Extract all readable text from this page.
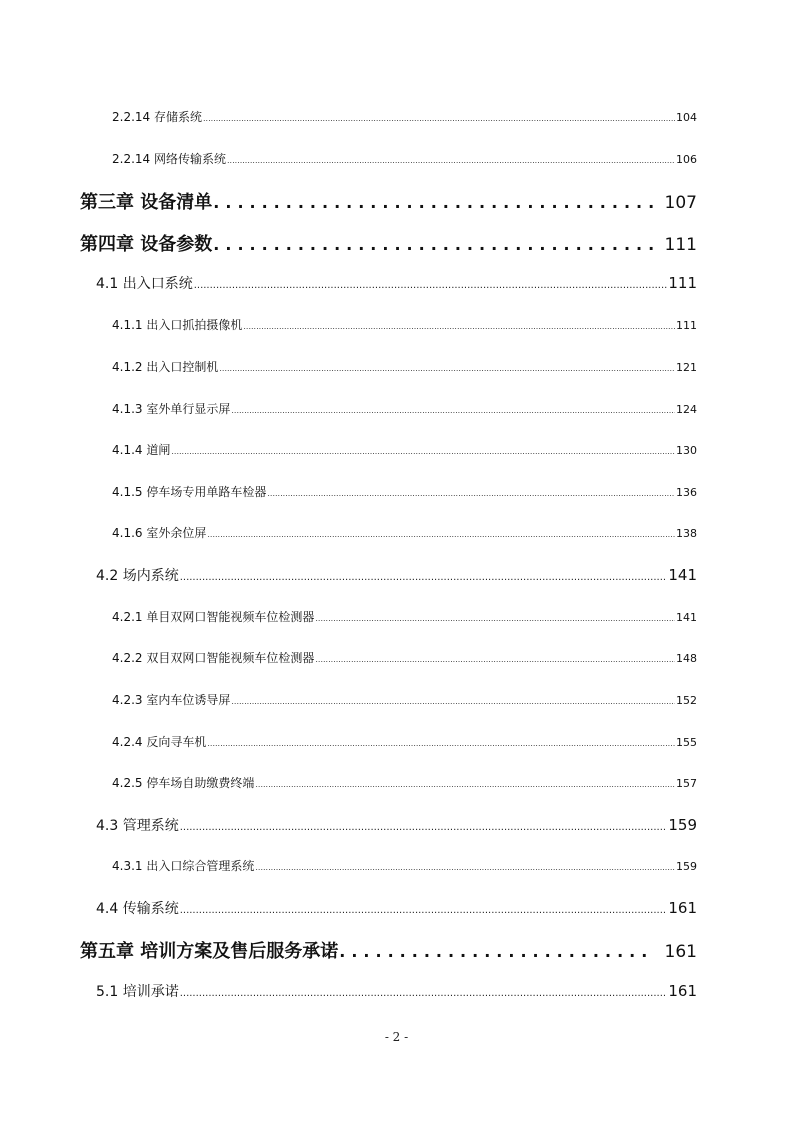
2.2.14 存储系统 .....	104
2.2.14 网络传输系统 .....	106
第三章 设备清单 .....	107
第四章 设备参数 .....	111
4.1 出入口系统 .....	111
4.1.1 出入口抓拍摄像机 .....	111
4.1.2 出入口控制机 .....	121
4.1.3 室外单行显示屏 .....	124
4.1.4 道闸 .....	130
4.1.5 停车场专用单路车检器 .....	136
4.1.6 室外余位屏 .....	138
4.2 场内系统 .....	141
4.2.1 单目双网口智能视频车位检测器 .....	141
4.2.2 双目双网口智能视频车位检测器 .....	148
4.2.3 室内车位诱导屏 .....	152
4.2.4 反向寻车机 .....	155
4.2.5 停车场自助缴费终端 .....	157
4.3 管理系统 .....	159
4.3.1 出入口综合管理系统 .....	159
4.4 传输系统 .....	161
第五章 培训方案及售后服务承诺 .....	161
5.1 培训承诺 .....	161
- 2 -
